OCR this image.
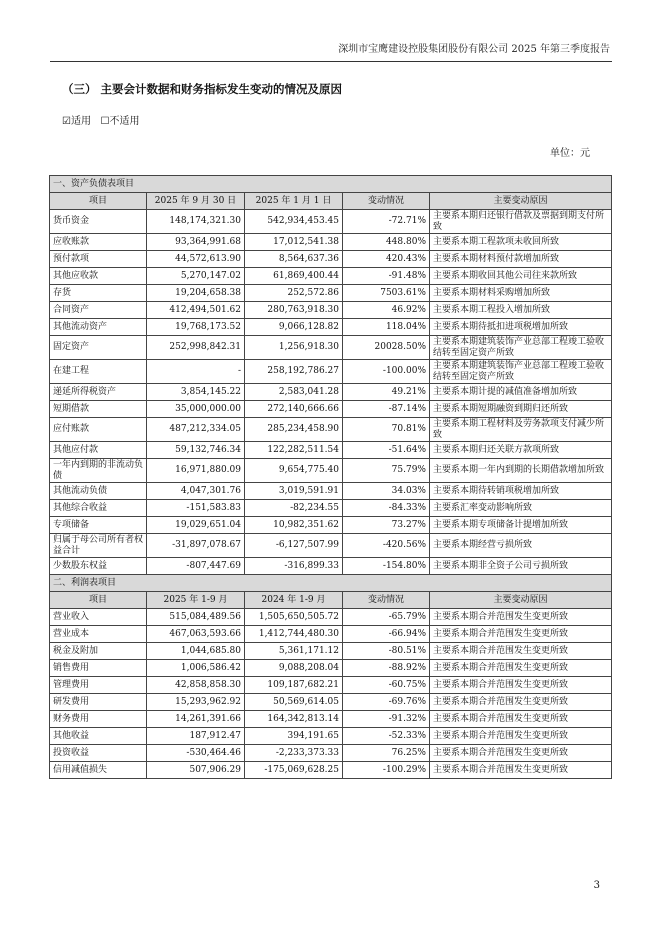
深圳市宝鹰建设控股集团股份有限公司 2025 年第三季度报告
（三） 主要会计数据和财务指标发生变动的情况及原因
☑适用 ☐不适用
单位：元
一、资产负债表项目				
项目	2025 年 9 月 30 日	2025 年 1 月 1 日	变动情况	主要变动原因
货币资金	148,174,321.30	542,934,453.45	-72.71%	主要系本期归还银行借款及票据到期支付所致
应收账款	93,364,991.68	17,012,541.38	448.80%	主要系本期工程款项未收回所致
预付款项	44,572,613.90	8,564,637.36	420.43%	主要系本期材料预付款增加所致
其他应收款	5,270,147.02	61,869,400.44	-91.48%	主要系本期收回其他公司往来款所致
存货	19,204,658.38	252,572.86	7503.61%	主要系本期材料采购增加所致
合同资产	412,494,501.62	280,763,918.30	46.92%	主要系本期工程投入增加所致
其他流动资产	19,768,173.52	9,066,128.82	118.04%	主要系本期待抵扣进项税增加所致
固定资产	252,998,842.31	1,256,918.30	20028.50%	主要系本期建筑装饰产业总部工程竣工验收结转至固定资产所致
在建工程	-	258,192,786.27	-100.00%	主要系本期建筑装饰产业总部工程竣工验收结转至固定资产所致
递延所得税资产	3,854,145.22	2,583,041.28	49.21%	主要系本期计提的减值准备增加所致
短期借款	35,000,000.00	272,140,666.66	-87.14%	主要系本期短期融资到期归还所致
应付账款	487,212,334.05	285,234,458.90	70.81%	主要系本期工程材料及劳务款项支付减少所致
其他应付款	59,132,746.34	122,282,511.54	-51.64%	主要系本期归还关联方款项所致
一年内到期的非流动负债	16,971,880.09	9,654,775.40	75.79%	主要系本期一年内到期的长期借款增加所致
其他流动负债	4,047,301.76	3,019,591.91	34.03%	主要系本期待转销项税增加所致
其他综合收益	-151,583.83	-82,234.55	-84.33%	主要系汇率变动影响所致
专项储备	19,029,651.04	10,982,351.62	73.27%	主要系本期专项储备计提增加所致
归属于母公司所有者权益合计	-31,897,078.67	-6,127,507.99	-420.56%	主要系本期经营亏损所致
少数股东权益	-807,447.69	-316,899.33	-154.80%	主要系本期非全资子公司亏损所致
二、利润表项目				
项目	2025 年 1-9 月	2024 年 1-9 月	变动情况	主要变动原因
营业收入	515,084,489.56	1,505,650,505.72	-65.79%	主要系本期合并范围发生变更所致
营业成本	467,063,593.66	1,412,744,480.30	-66.94%	主要系本期合并范围发生变更所致
税金及附加	1,044,685.80	5,361,171.12	-80.51%	主要系本期合并范围发生变更所致
销售费用	1,006,586.42	9,088,208.04	-88.92%	主要系本期合并范围发生变更所致
管理费用	42,858,858.30	109,187,682.21	-60.75%	主要系本期合并范围发生变更所致
研发费用	15,293,962.92	50,569,614.05	-69.76%	主要系本期合并范围发生变更所致
财务费用	14,261,391.66	164,342,813.14	-91.32%	主要系本期合并范围发生变更所致
其他收益	187,912.47	394,191.65	-52.33%	主要系本期合并范围发生变更所致
投资收益	-530,464.46	-2,233,373.33	76.25%	主要系本期合并范围发生变更所致
信用减值损失	507,906.29	-175,069,628.25	-100.29%	主要系本期合并范围发生变更所致
3
